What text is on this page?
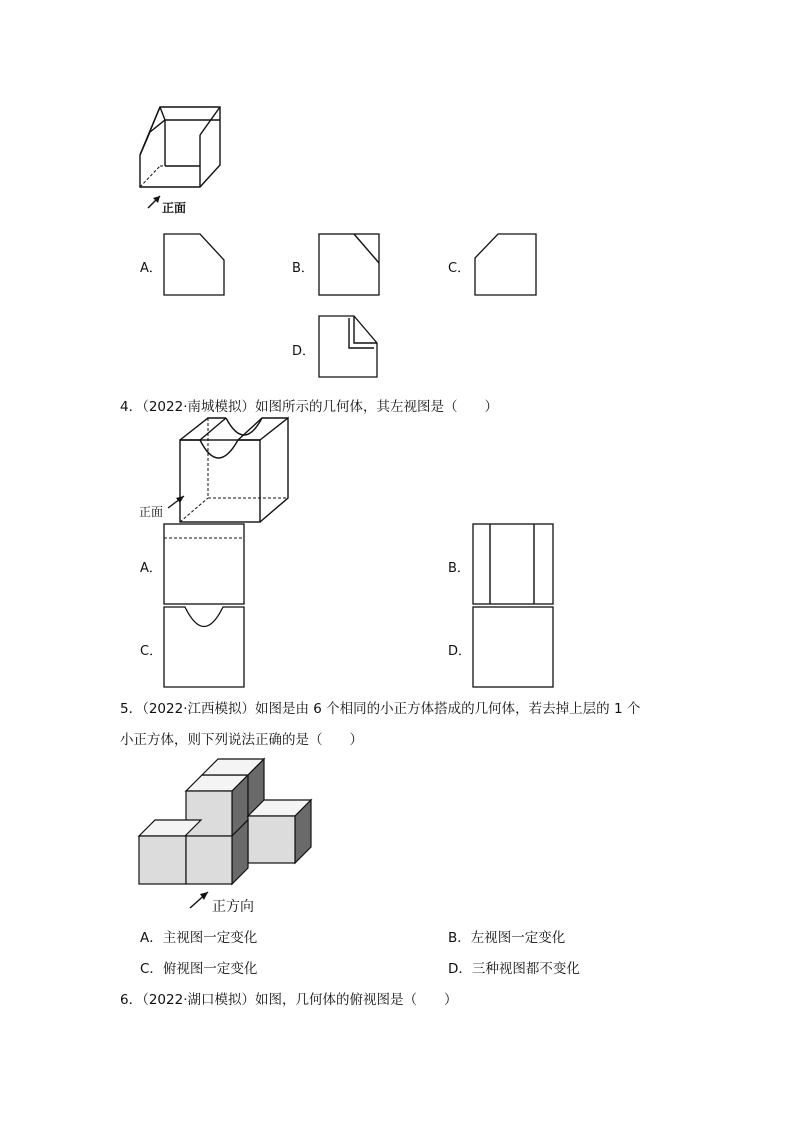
正面
A．	B．	C．
D．
4．（2022·南城模拟）如图所示的几何体，其左视图是（　　）
正面
A．	B．
C．	D．
5．（2022·江西模拟）如图是由 6 个相同的小正方体搭成的几何体，若去掉上层的 1 个
小正方体，则下列说法正确的是（　　）
正方向
A．主视图一定变化	B．左视图一定变化
C．俯视图一定变化	D．三种视图都不变化
6．（2022·湖口模拟）如图，几何体的俯视图是（　　）
